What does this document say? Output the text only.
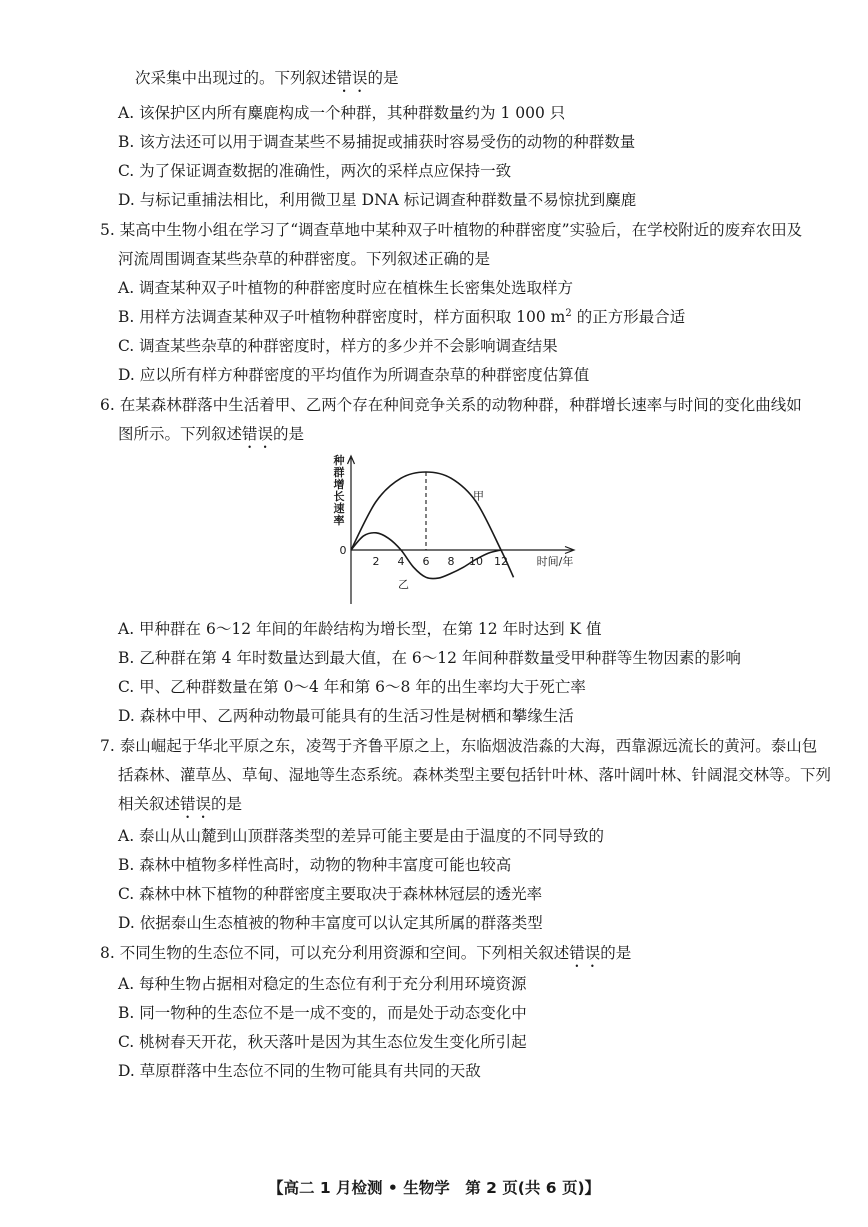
次采集中出现过的。下列叙述错误的是
A. 该保护区内所有麋鹿构成一个种群，其种群数量约为 1 000 只
B. 该方法还可以用于调查某些不易捕捉或捕获时容易受伤的动物的种群数量
C. 为了保证调查数据的准确性，两次的采样点应保持一致
D. 与标记重捕法相比，利用微卫星 DNA 标记调查种群数量不易惊扰到麋鹿
5. 某高中生物小组在学习了“调查草地中某种双子叶植物的种群密度”实验后，在学校附近的废弃农田及
河流周围调查某些杂草的种群密度。下列叙述正确的是
A. 调查某种双子叶植物的种群密度时应在植株生长密集处选取样方
B. 用样方法调查某种双子叶植物种群密度时，样方面积取 100 $m^2$ 的正方形最合适
C. 调查某些杂草的种群密度时，样方的多少并不会影响调查结果
D. 应以所有样方种群密度的平均值作为所调查杂草的种群密度估算值
6. 在某森林群落中生活着甲、乙两个存在种间竞争关系的动物种群，种群增长速率与时间的变化曲线如
图所示。下列叙述错误的是
种
群
增
长
速
率
0
2 4 6 8 10 12	时间/年
甲
乙
A. 甲种群在 6～12 年间的年龄结构为增长型，在第 12 年时达到 K 值
B. 乙种群在第 4 年时数量达到最大值，在 6～12 年间种群数量受甲种群等生物因素的影响
C. 甲、乙种群数量在第 0～4 年和第 6～8 年的出生率均大于死亡率
D. 森林中甲、乙两种动物最可能具有的生活习性是树栖和攀缘生活
7. 泰山崛起于华北平原之东，凌驾于齐鲁平原之上，东临烟波浩淼的大海，西靠源远流长的黄河。泰山包
括森林、灌草丛、草甸、湿地等生态系统。森林类型主要包括针叶林、落叶阔叶林、针阔混交林等。下列
相关叙述错误的是
A. 泰山从山麓到山顶群落类型的差异可能主要是由于温度的不同导致的
B. 森林中植物多样性高时，动物的物种丰富度可能也较高
C. 森林中林下植物的种群密度主要取决于森林林冠层的透光率
D. 依据泰山生态植被的物种丰富度可以认定其所属的群落类型
8. 不同生物的生态位不同，可以充分利用资源和空间。下列相关叙述错误的是
A. 每种生物占据相对稳定的生态位有利于充分利用环境资源
B. 同一物种的生态位不是一成不变的，而是处于动态变化中
C. 桃树春天开花，秋天落叶是因为其生态位发生变化所引起
D. 草原群落中生态位不同的生物可能具有共同的天敌
【高二 1 月检测 • 生物学　第 2 页(共 6 页)】
